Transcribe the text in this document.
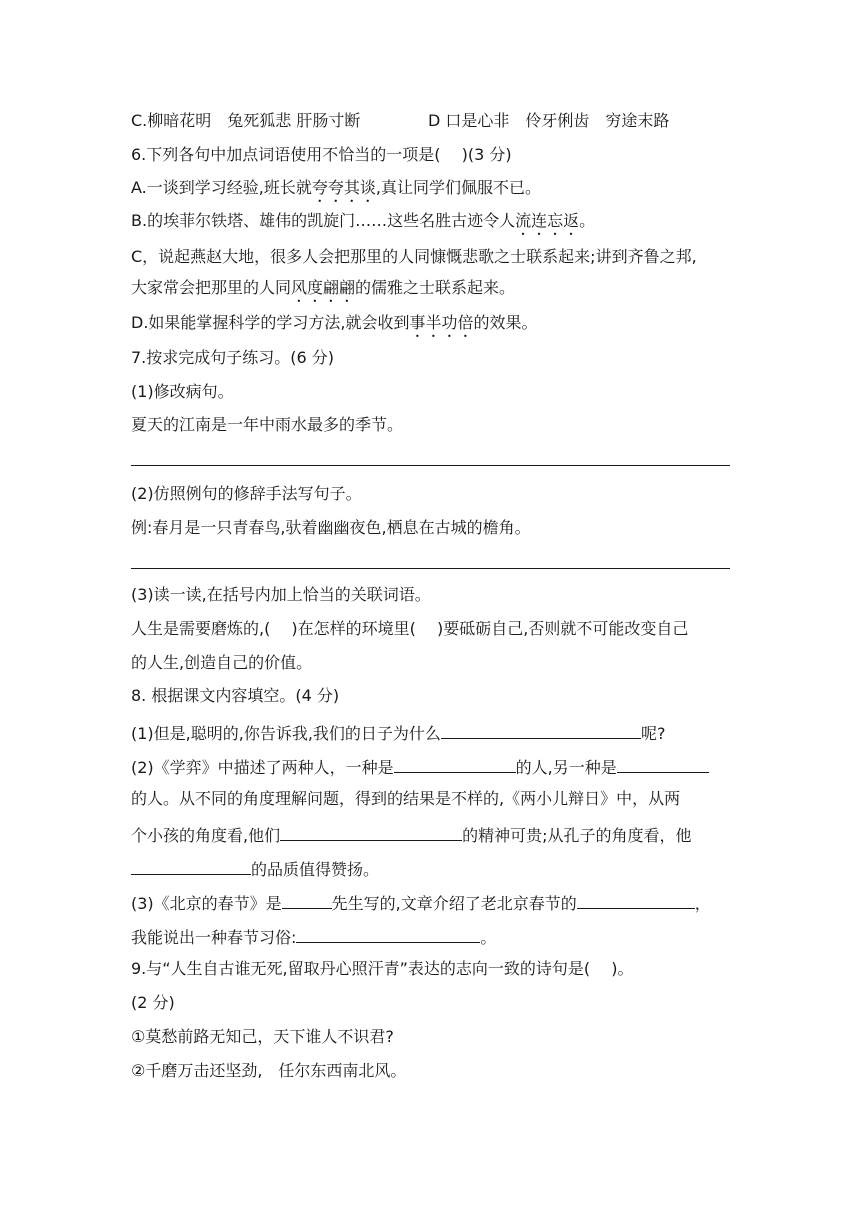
C.柳暗花明　兔死狐悲 肝肠寸断	D 口是心非　伶牙俐齿　穷途末路
6.下列各句中加点词语使用不恰当的一项是(　 )(3 分)
A.一谈到学习经验,班长就夸夸其谈,真让同学们佩服不已。
B.的埃菲尔铁塔、雄伟的凯旋门……这些名胜古迹令人流连忘返。
C，说起燕赵大地，很多人会把那里的人同慷慨悲歌之士联系起来;讲到齐鲁之邦,
大家常会把那里的人同风度翩翩的儒雅之士联系起来。
D.如果能掌握科学的学习方法,就会收到事半功倍的效果。
7.按求完成句子练习。(6 分)
(1)修改病句。
夏天的江南是一年中雨水最多的季节。
(2)仿照例句的修辞手法写句子。
例:春月是一只青春鸟,驮着幽幽夜色,栖息在古城的檐角。
(3)读一读,在括号内加上恰当的关联词语。
人生是需要磨炼的,(　 )在怎样的环境里(　 )要砥砺自己,否则就不可能改变自己
的人生,创造自己的价值。
8. 根据课文内容填空。(4 分)
(1)但是,聪明的,你告诉我,我们的日子为什么	呢?
(2)《学弈》中描述了两种人，一种是	的人,另一种是
的人。从不同的角度理解问题，得到的结果是不样的,《两小儿辩日》中，从两
个小孩的角度看,他们	的精神可贵;从孔子的角度看，他
的品质值得赞扬。
(3)《北京的春节》是	先生写的,文章介绍了老北京春节的	，
我能说出一种春节习俗:	。
9.与“人生自古谁无死,留取丹心照汗青”表达的志向一致的诗句是(　 )。
(2 分)
①莫愁前路无知己，天下谁人不识君?
②千磨万击还坚劲,　任尔东西南北风。
